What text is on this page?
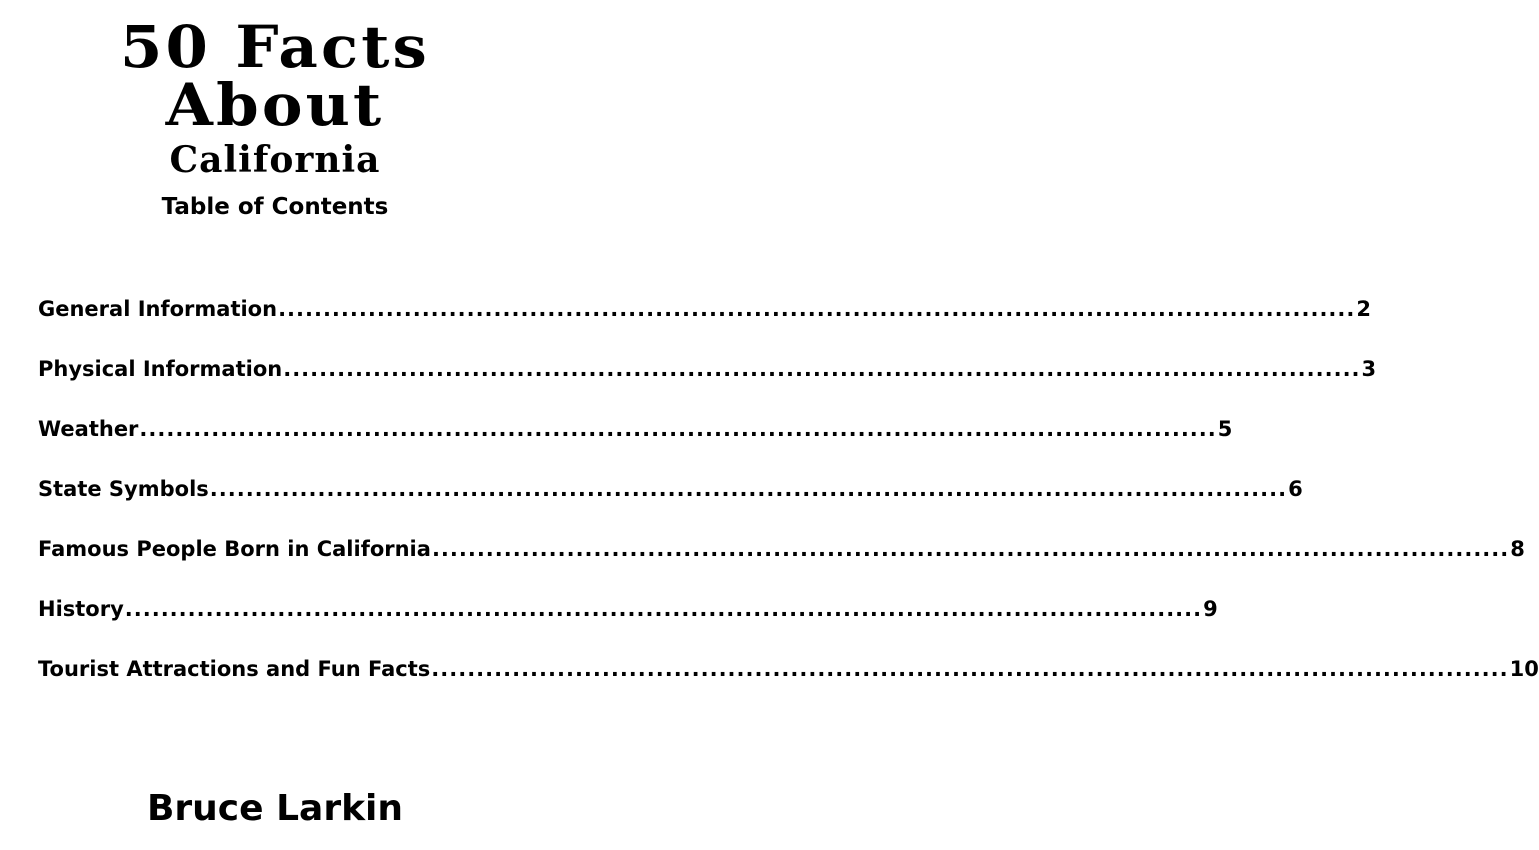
50 Facts
About
California
Table of Contents
General Information ........................................................................................................................ 2
Physical Information ........................................................................................................................ 3
Weather ........................................................................................................................ 5
State Symbols ........................................................................................................................ 6
Famous People Born in California ........................................................................................................................ 8
History ........................................................................................................................ 9
Tourist Attractions and Fun Facts ........................................................................................................................ 10
Bruce Larkin
